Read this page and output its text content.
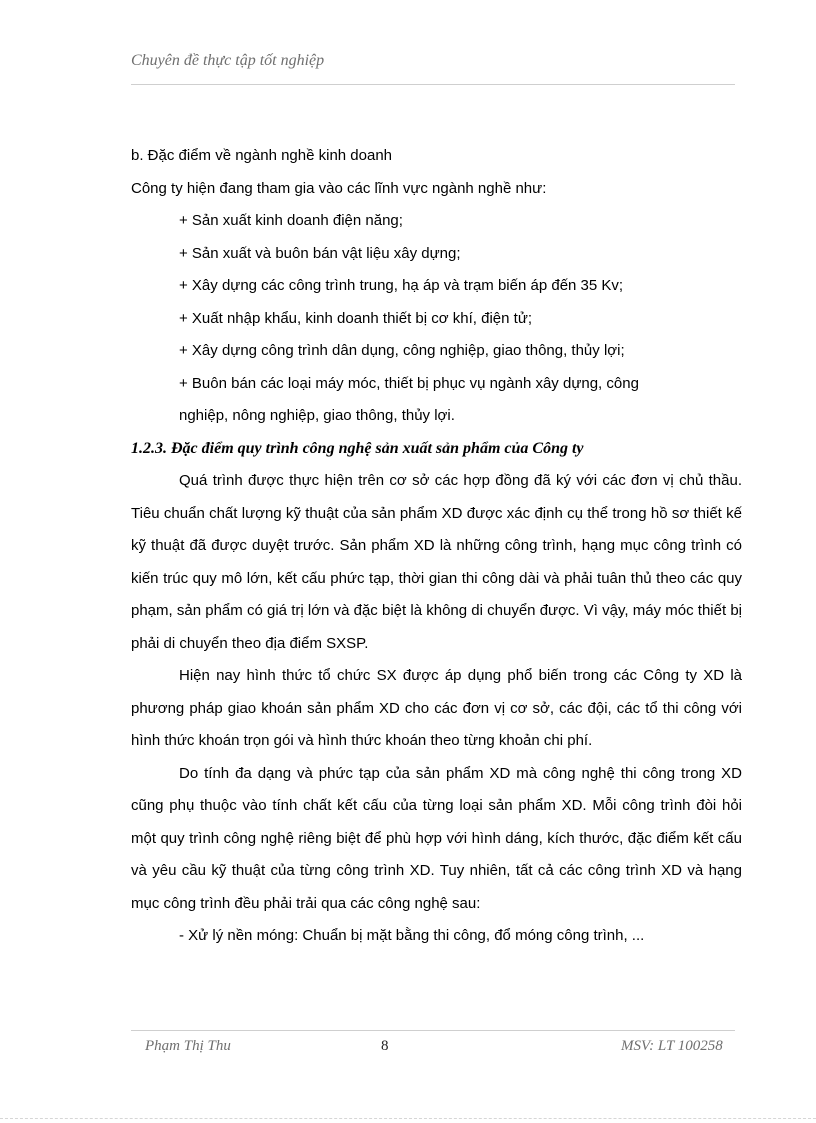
Chuyên đề thực tập tốt nghiệp

b. Đặc điểm về ngành nghề kinh doanh

Công ty hiện đang tham gia vào các lĩnh vực ngành nghề như:

+ Sản xuất kinh doanh điện năng;

+ Sản xuất và buôn bán vật liệu xây dựng;

+ Xây dựng các công trình trung, hạ áp và trạm biến áp đến 35 Kv;

+ Xuất nhập khẩu, kinh doanh thiết bị cơ khí, điện tử;

+ Xây dựng công trình dân dụng, công nghiệp, giao thông, thủy lợi;

+ Buôn bán các loại máy móc, thiết bị phục vụ ngành xây dựng, công

nghiệp, nông nghiệp, giao thông, thủy lợi.

1.2.3. Đặc điểm quy trình công nghệ sản xuất sản phẩm của Công ty

Quá trình được thực hiện trên cơ sở các hợp đồng đã ký với các đơn vị chủ thầu. Tiêu chuẩn chất lượng kỹ thuật của sản phẩm XD được xác định cụ thể trong hồ sơ thiết kế kỹ thuật đã được duyệt trước. Sản phẩm XD là những công trình, hạng mục công trình có kiến trúc quy mô lớn, kết cấu phức tạp, thời gian thi công dài và phải tuân thủ theo các quy phạm, sản phẩm có giá trị lớn và đặc biệt là không di chuyển được. Vì vậy, máy móc thiết bị phải di chuyển theo địa điểm SXSP.

Hiện nay hình thức tổ chức SX được áp dụng phổ biến trong các Công ty XD là phương pháp giao khoán sản phẩm XD cho các đơn vị cơ sở, các đội, các tổ thi công với hình thức khoán trọn gói và hình thức khoán theo từng khoản chi phí.

Do tính đa dạng và phức tạp của sản phẩm XD mà công nghệ thi công trong XD cũng phụ thuộc vào tính chất kết cấu của từng loại sản phẩm XD. Mỗi công trình đòi hỏi một quy trình công nghệ riêng biệt để phù hợp với hình dáng, kích thước, đặc điểm kết cấu và yêu cầu kỹ thuật của từng công trình XD. Tuy nhiên, tất cả các công trình XD và hạng mục công trình đều phải trải qua các công nghệ sau:

- Xử lý nền móng: Chuẩn bị mặt bằng thi công, đổ móng công trình, ...

Phạm Thị Thu	8	MSV: LT 100258
